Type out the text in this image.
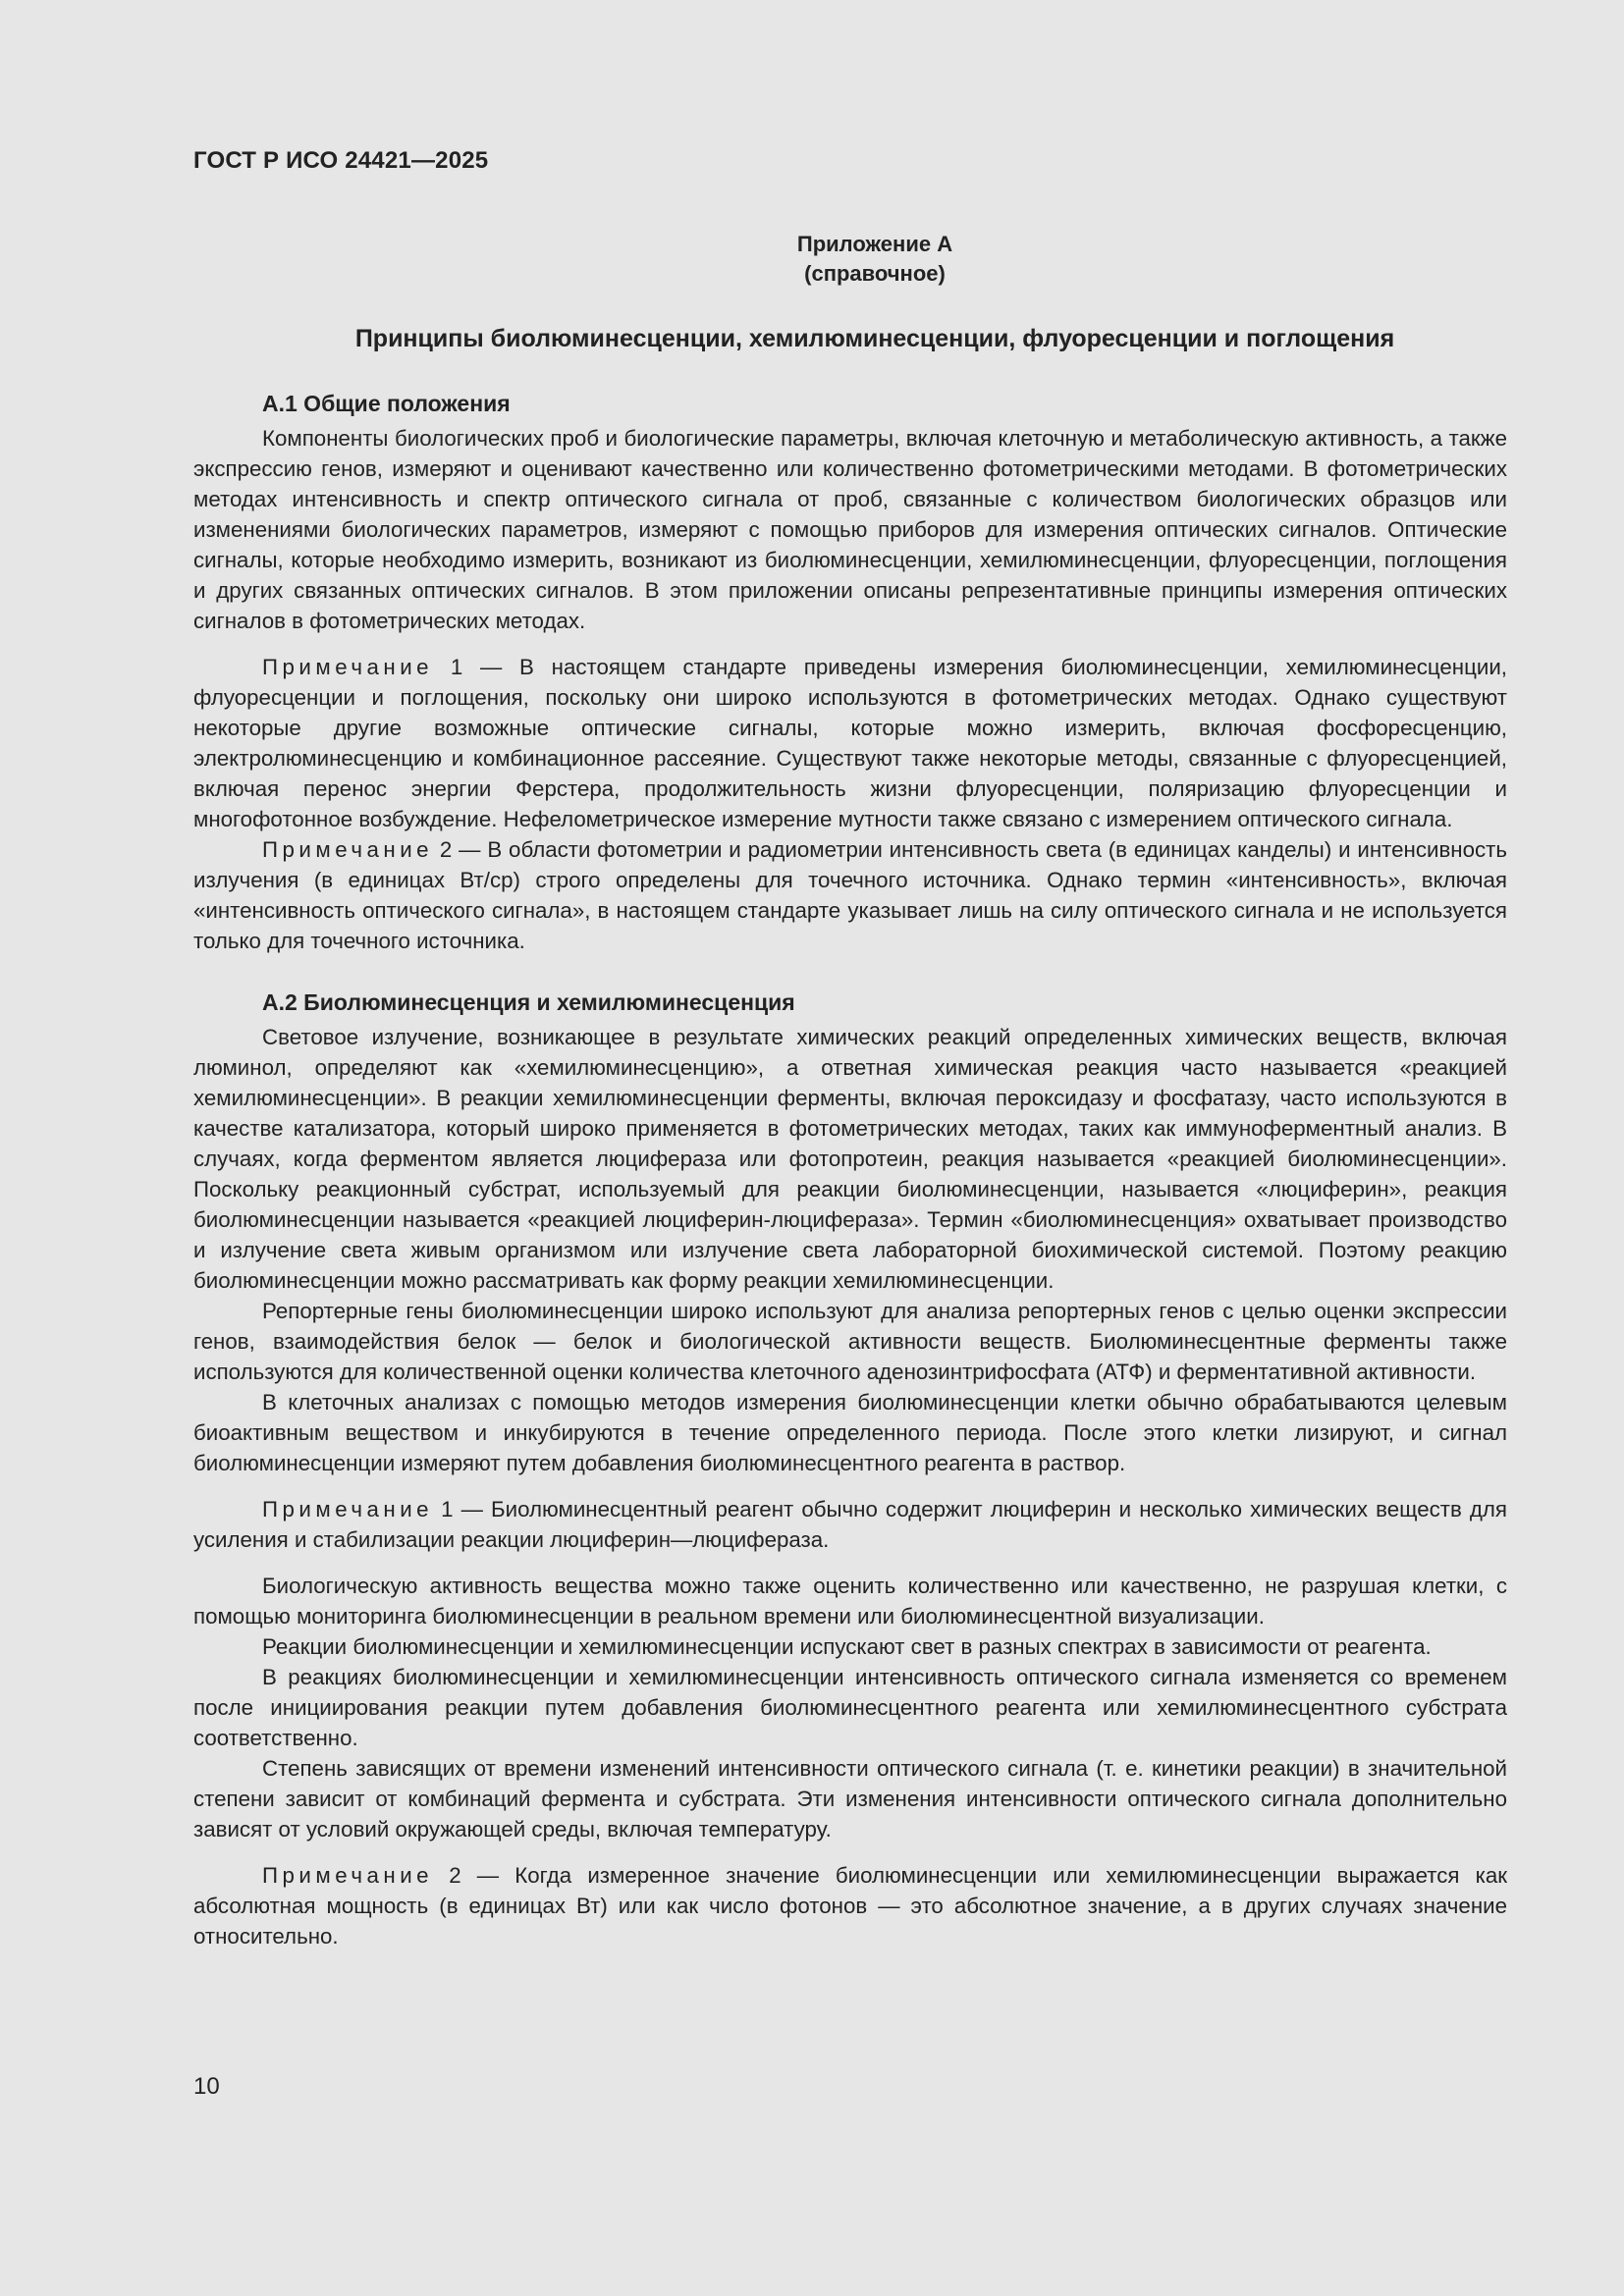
ГОСТ Р ИСО 24421—2025
Приложение А
(справочное)
Принципы биолюминесценции, хемилюминесценции, флуоресценции и поглощения
А.1 Общие положения

Компоненты биологических проб и биологические параметры, включая клеточную и метаболическую активность, а также экспрессию генов, измеряют и оценивают качественно или количественно фотометрическими методами. В фотометрических методах интенсивность и спектр оптического сигнала от проб, связанные с количеством биологических образцов или изменениями биологических параметров, измеряют с помощью приборов для измерения оптических сигналов. Оптические сигналы, которые необходимо измерить, возникают из биолюминесценции, хемилюминесценции, флуоресценции, поглощения и других связанных оптических сигналов. В этом приложении описаны репрезентативные принципы измерения оптических сигналов в фотометрических методах.

Примечание 1 — В настоящем стандарте приведены измерения биолюминесценции, хемилюминесценции, флуоресценции и поглощения, поскольку они широко используются в фотометрических методах. Однако существуют некоторые другие возможные оптические сигналы, которые можно измерить, включая фосфоресценцию, электролюминесценцию и комбинационное рассеяние. Существуют также некоторые методы, связанные с флуоресценцией, включая перенос энергии Ферстера, продолжительность жизни флуоресценции, поляризацию флуоресценции и многофотонное возбуждение. Нефелометрическое измерение мутности также связано с измерением оптического сигнала.

Примечание 2 — В области фотометрии и радиометрии интенсивность света (в единицах канделы) и интенсивность излучения (в единицах Вт/ср) строго определены для точечного источника. Однако термин «интенсивность», включая «интенсивность оптического сигнала», в настоящем стандарте указывает лишь на силу оптического сигнала и не используется только для точечного источника.

А.2 Биолюминесценция и хемилюминесценция

Световое излучение, возникающее в результате химических реакций определенных химических веществ, включая люминол, определяют как «хемилюминесценцию», а ответная химическая реакция часто называется «реакцией хемилюминесценции». В реакции хемилюминесценции ферменты, включая пероксидазу и фосфатазу, часто используются в качестве катализатора, который широко применяется в фотометрических методах, таких как иммуноферментный анализ. В случаях, когда ферментом является люцифераза или фотопротеин, реакция называется «реакцией биолюминесценции». Поскольку реакционный субстрат, используемый для реакции биолюминесценции, называется «люциферин», реакция биолюминесценции называется «реакцией люциферин-люцифераза». Термин «биолюминесценция» охватывает производство и излучение света живым организмом или излучение света лабораторной биохимической системой. Поэтому реакцию биолюминесценции можно рассматривать как форму реакции хемилюминесценции.

Репортерные гены биолюминесценции широко используют для анализа репортерных генов с целью оценки экспрессии генов, взаимодействия белок — белок и биологической активности веществ. Биолюминесцентные ферменты также используются для количественной оценки количества клеточного аденозинтрифосфата (АТФ) и ферментативной активности.

В клеточных анализах с помощью методов измерения биолюминесценции клетки обычно обрабатываются целевым биоактивным веществом и инкубируются в течение определенного периода. После этого клетки лизируют, и сигнал биолюминесценции измеряют путем добавления биолюминесцентного реагента в раствор.

Примечание 1 — Биолюминесцентный реагент обычно содержит люциферин и несколько химических веществ для усиления и стабилизации реакции люциферин—люцифераза.

Биологическую активность вещества можно также оценить количественно или качественно, не разрушая клетки, с помощью мониторинга биолюминесценции в реальном времени или биолюминесцентной визуализации.

Реакции биолюминесценции и хемилюминесценции испускают свет в разных спектрах в зависимости от реагента.

В реакциях биолюминесценции и хемилюминесценции интенсивность оптического сигнала изменяется со временем после инициирования реакции путем добавления биолюминесцентного реагента или хемилюминесцентного субстрата соответственно.

Степень зависящих от времени изменений интенсивности оптического сигнала (т. е. кинетики реакции) в значительной степени зависит от комбинаций фермента и субстрата. Эти изменения интенсивности оптического сигнала дополнительно зависят от условий окружающей среды, включая температуру.

Примечание 2 — Когда измеренное значение биолюминесценции или хемилюминесценции выражается как абсолютная мощность (в единицах Вт) или как число фотонов — это абсолютное значение, а в других случаях значение относительно.

10
